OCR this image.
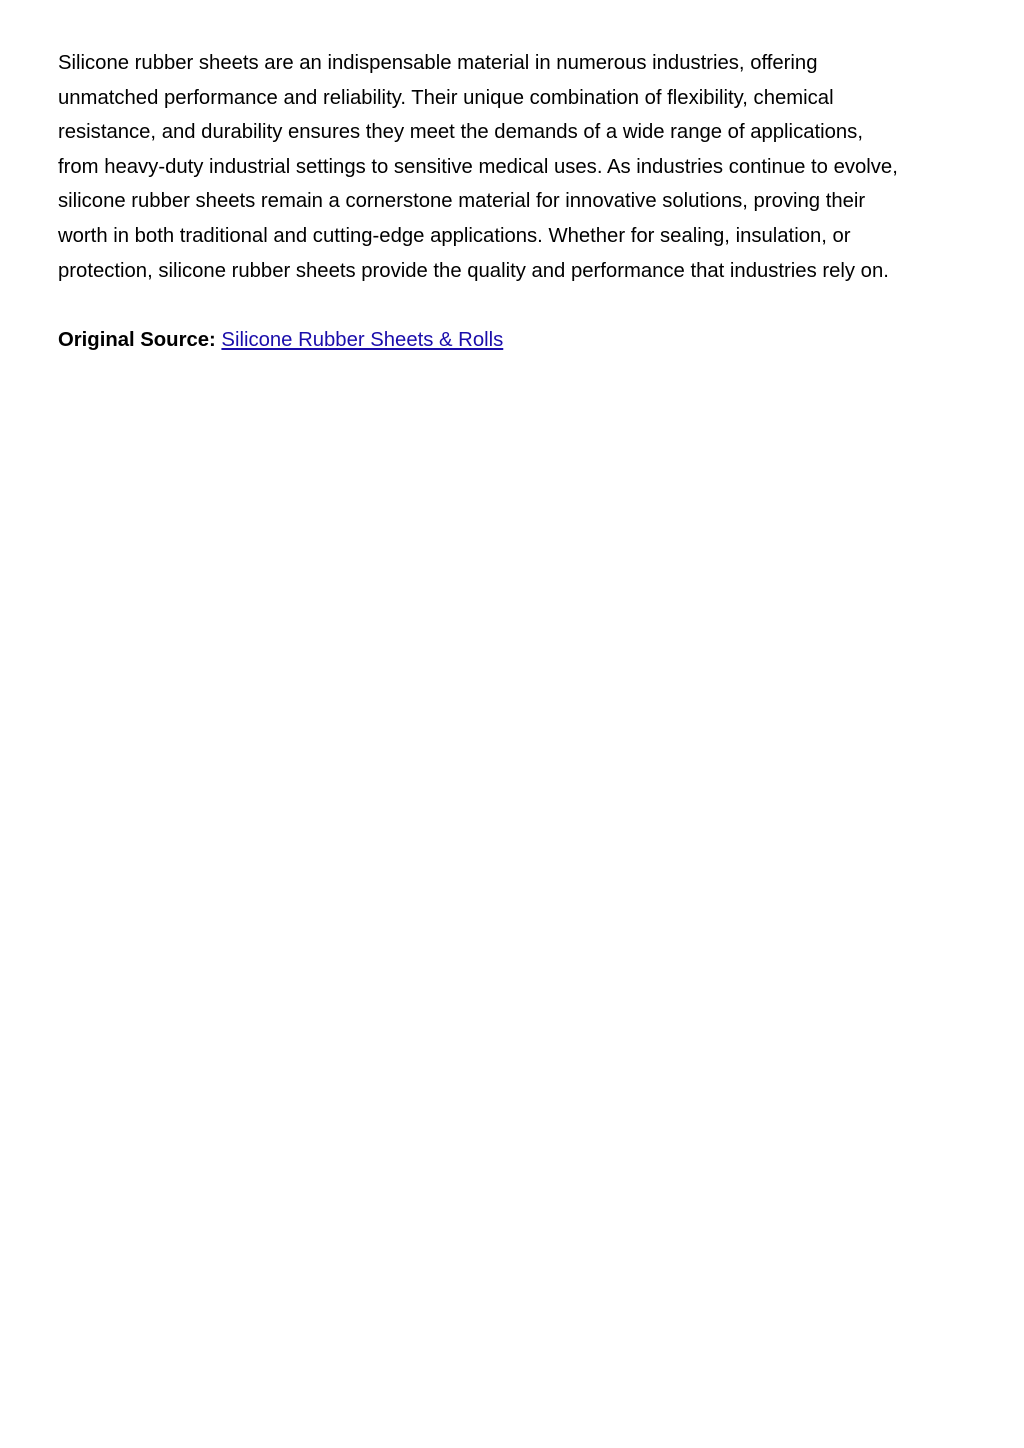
Silicone rubber sheets are an indispensable material in numerous industries, offering
unmatched performance and reliability. Their unique combination of flexibility, chemical
resistance, and durability ensures they meet the demands of a wide range of applications,
from heavy-duty industrial settings to sensitive medical uses. As industries continue to evolve,
silicone rubber sheets remain a cornerstone material for innovative solutions, proving their
worth in both traditional and cutting-edge applications. Whether for sealing, insulation, or
protection, silicone rubber sheets provide the quality and performance that industries rely on.

Original Source: Silicone Rubber Sheets & Rolls
